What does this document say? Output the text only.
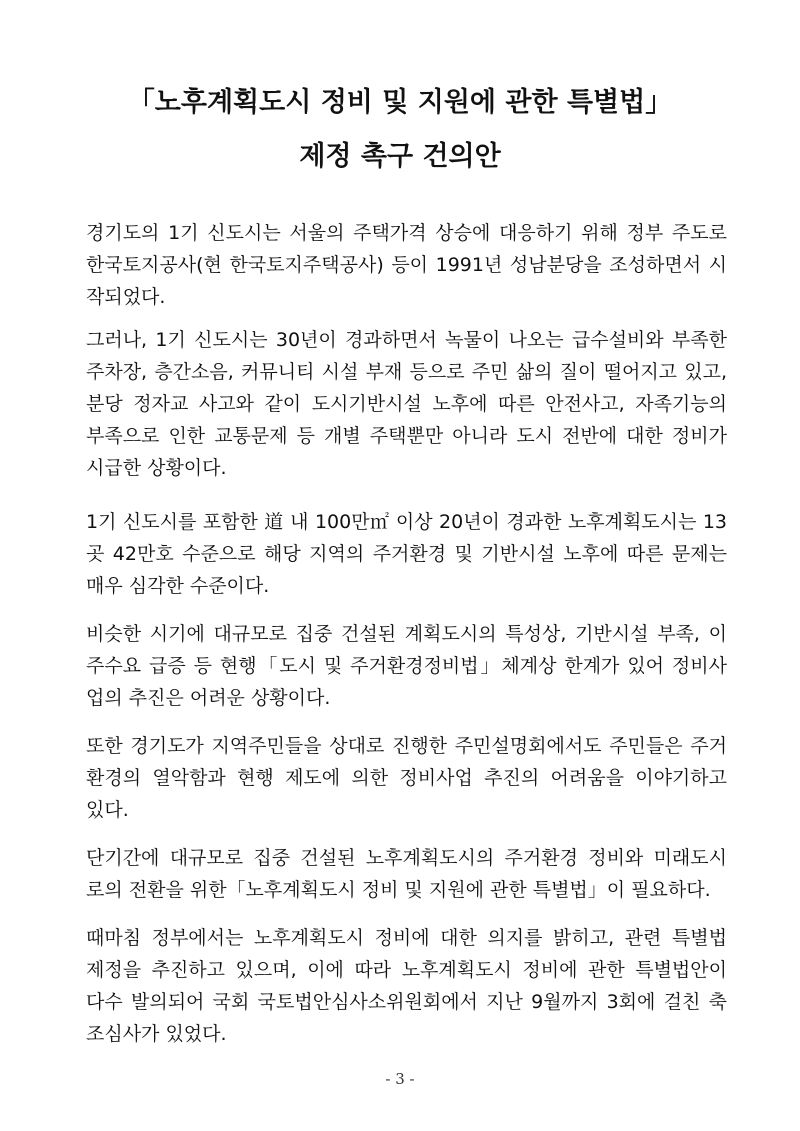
「노후계획도시 정비 및 지원에 관한 특별법」
제정 촉구 건의안
경기도의 1기 신도시는 서울의 주택가격 상승에 대응하기 위해 정부 주도로
한국토지공사(현 한국토지주택공사) 등이 1991년 성남분당을 조성하면서 시
작되었다.
그러나, 1기 신도시는 30년이 경과하면서 녹물이 나오는 급수설비와 부족한
주차장, 층간소음, 커뮤니티 시설 부재 등으로 주민 삶의 질이 떨어지고 있고,
분당 정자교 사고와 같이 도시기반시설 노후에 따른 안전사고, 자족기능의
부족으로 인한 교통문제 등 개별 주택뿐만 아니라 도시 전반에 대한 정비가
시급한 상황이다.
1기 신도시를 포함한 道 내 100만㎡ 이상 20년이 경과한 노후계획도시는 13
곳 42만호 수준으로 해당 지역의 주거환경 및 기반시설 노후에 따른 문제는
매우 심각한 수준이다.
비슷한 시기에 대규모로 집중 건설된 계획도시의 특성상, 기반시설 부족, 이
주수요 급증 등 현행「도시 및 주거환경정비법」체계상 한계가 있어 정비사
업의 추진은 어려운 상황이다.
또한 경기도가 지역주민들을 상대로 진행한 주민설명회에서도 주민들은 주거
환경의 열악함과 현행 제도에 의한 정비사업 추진의 어려움을 이야기하고
있다.
단기간에 대규모로 집중 건설된 노후계획도시의 주거환경 정비와 미래도시
로의 전환을 위한「노후계획도시 정비 및 지원에 관한 특별법」이 필요하다.
때마침 정부에서는 노후계획도시 정비에 대한 의지를 밝히고, 관련 특별법
제정을 추진하고 있으며, 이에 따라 노후계획도시 정비에 관한 특별법안이
다수 발의되어 국회 국토법안심사소위원회에서 지난 9월까지 3회에 걸친 축
조심사가 있었다.
- 3 -
